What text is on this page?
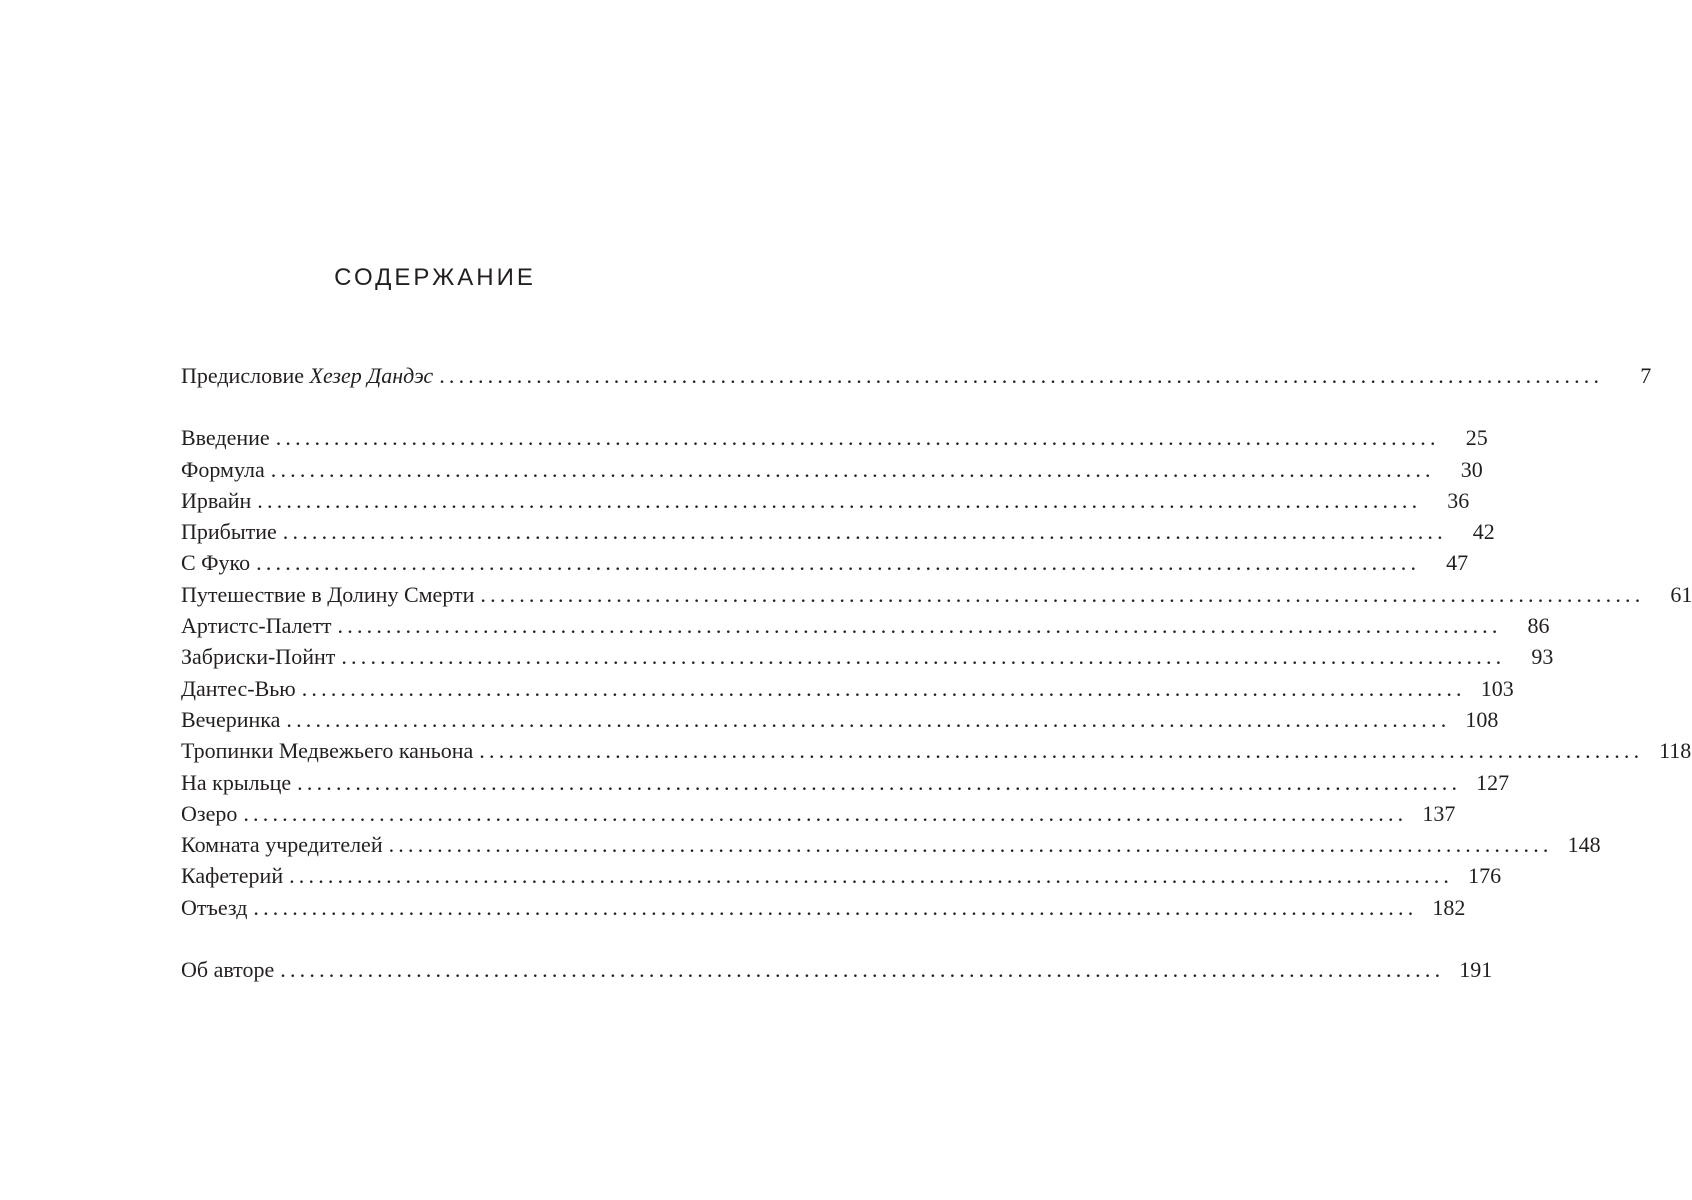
СОДЕРЖАНИЕ
Предисловие Хезер Дандэс ........................................................................................................................	7
Введение ........................................................................................................................	25
Формула ........................................................................................................................	30
Ирвайн ........................................................................................................................	36
Прибытие ........................................................................................................................	42
С Фуко ........................................................................................................................	47
Путешествие в Долину Смерти ........................................................................................................................	61
Артистс-Палетт ........................................................................................................................	86
Забриски-Пойнт ........................................................................................................................	93
Дантес-Вью ........................................................................................................................ 103
Вечеринка ........................................................................................................................ 108
Тропинки Медвежьего каньона ........................................................................................................................ 118
На крыльце ........................................................................................................................ 127
Озеро ........................................................................................................................ 137
Комната учредителей ........................................................................................................................ 148
Кафетерий ........................................................................................................................ 176
Отъезд ........................................................................................................................ 182
Об авторе ........................................................................................................................ 191
